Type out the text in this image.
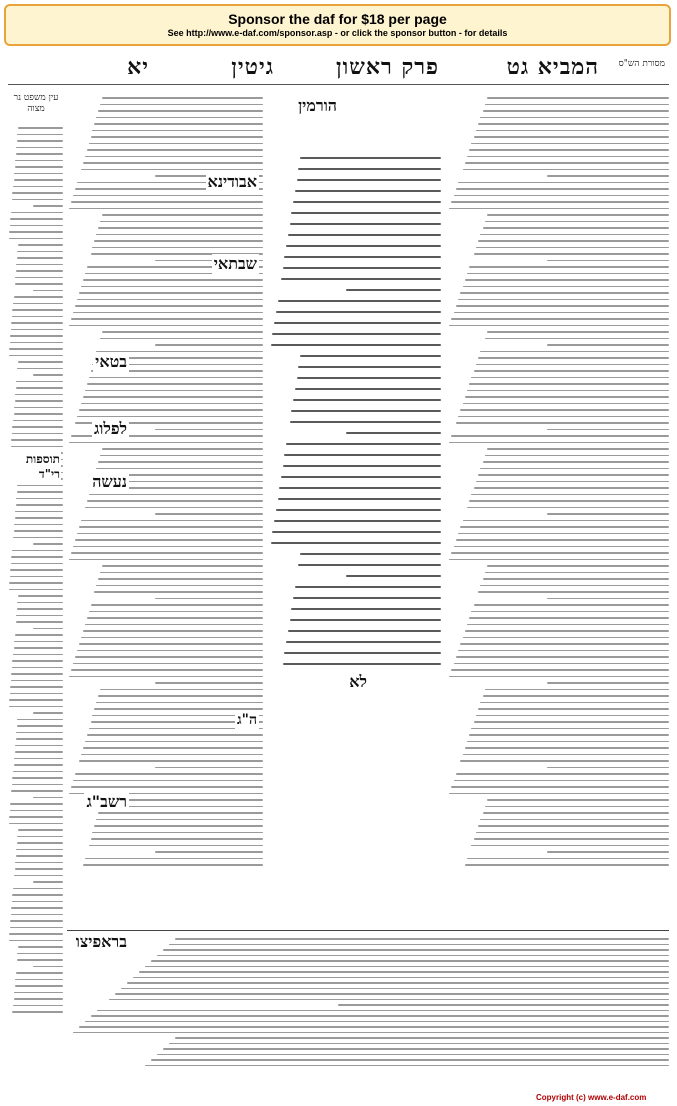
Sponsor the daf for $18 per page
See http://www.e-daf.com/sponsor.asp - or click the sponsor button - for details
מסורת הש"ס
המביא גט
פרק ראשון
גיטין
יא
עין משפט נר מצוה	הורמין
אבודינא
שבתאי
בטאי
לפלוג
נעשה
לא
ה"ג
רשב"ג
בראפיצו
תוספות רי"ד
Copyright (c) www.e-daf.com
